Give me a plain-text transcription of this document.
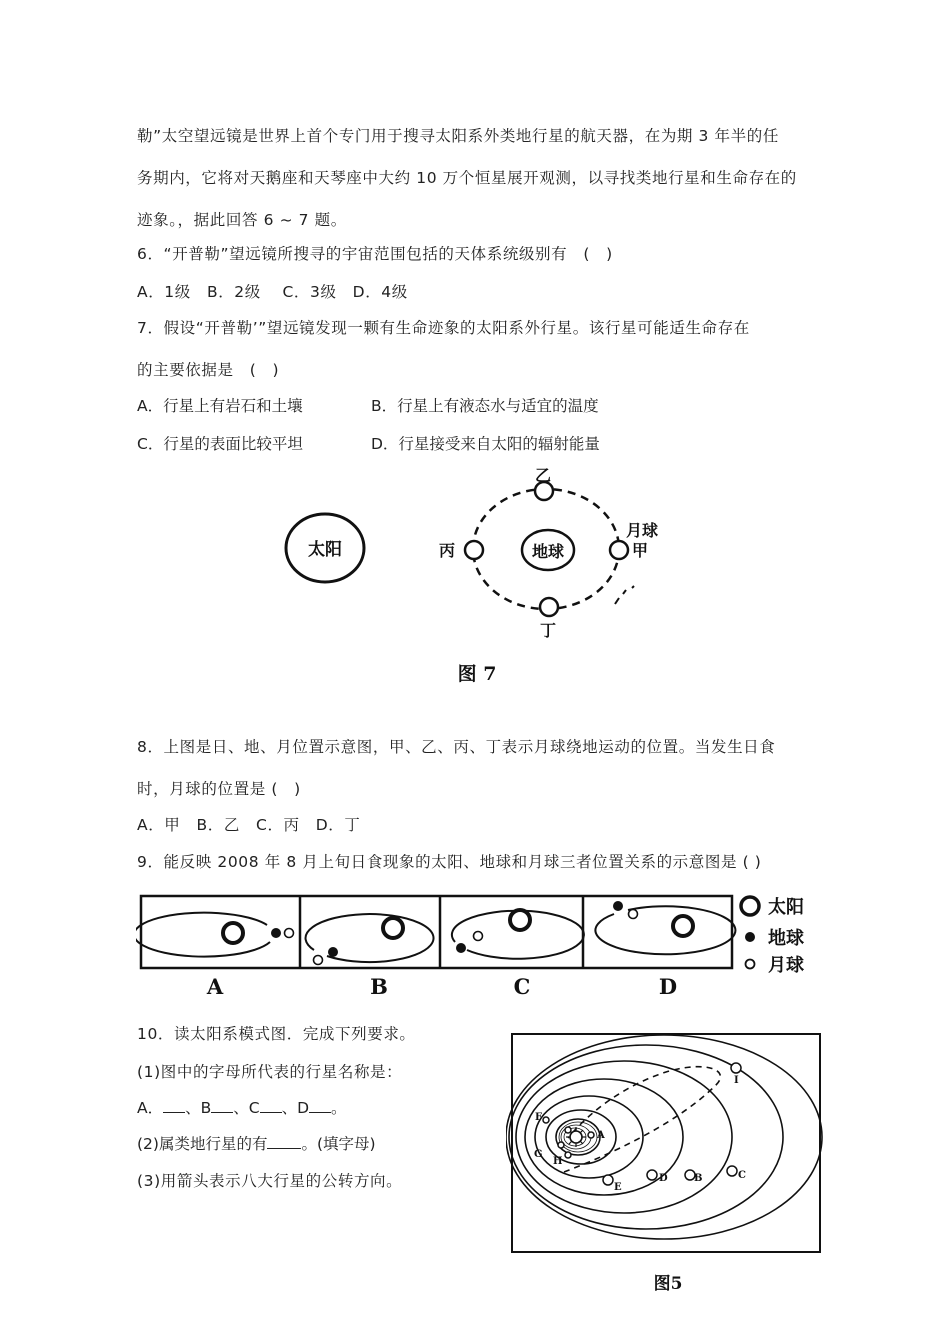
勒”太空望远镜是世界上首个专门用于搜寻太阳系外类地行星的航天器，在为期 3 年半的任
务期内，它将对天鹅座和天琴座中大约 10 万个恒星展开观测，以寻找类地行星和生命存在的
迹象。，据此回答 6 ~ 7 题。
6．“开普勒”望远镜所搜寻的宇宙范围包括的天体系统级别有　(　)
A．1级　B．2级　 C．3级　D．4级
7．假设“开普勒’”望远镜发现一颗有生命迹象的太阳系外行星。该行星可能适生命存在
的主要依据是　(　)
A．行星上有岩石和土壤	B．行星上有液态水与适宜的温度
C．行星的表面比较平坦	D．行星接受来自太阳的辐射能量
太阳	地球
乙
丙
月球
甲
丁
图 7
8．上图是日、地、月位置示意图，甲、乙、丙、丁表示月球绕地运动的位置。当发生日食
时，月球的位置是 (　)
A．甲　B．乙　C．丙　D．丁
9．能反映 2008 年 8 月上旬日食现象的太阳、地球和月球三者位置关系的示意图是 ( )
A	B	C	D
太阳
地球
月球
10．读太阳系模式图．完成下列要求。
(1)图中的字母所代表的行星名称是：
A． 、B 、C 、D 。
(2)属类地行星的有 。(填字母)
(3)用箭头表示八大行星的公转方向。
A
B	C
D
E
F
G
H
I
图5
